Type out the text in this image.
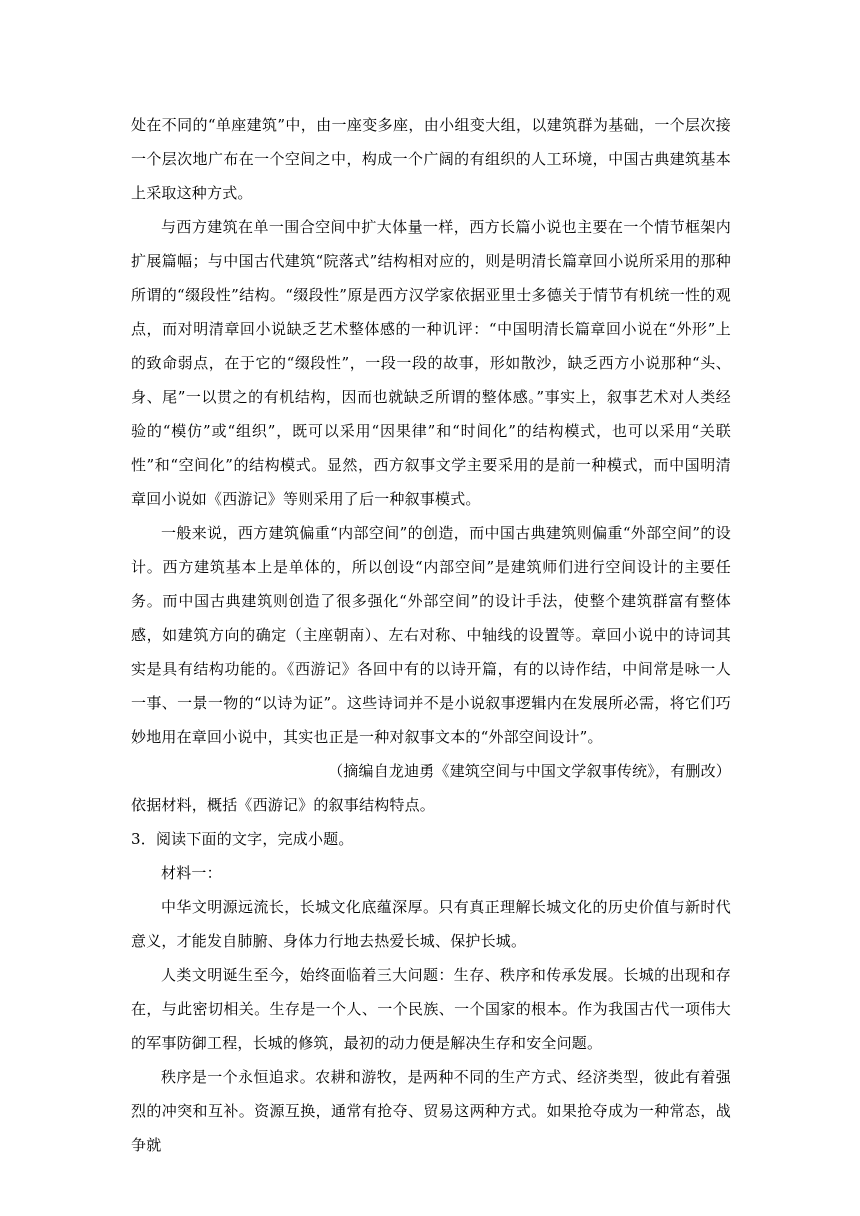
处在不同的“单座建筑”中，由一座变多座，由小组变大组，以建筑群为基础，一个层次接一个层次地广布在一个空间之中，构成一个广阔的有组织的人工环境，中国古典建筑基本上采取这种方式。

与西方建筑在单一围合空间中扩大体量一样，西方长篇小说也主要在一个情节框架内扩展篇幅；与中国古代建筑“院落式”结构相对应的，则是明清长篇章回小说所采用的那种所谓的“缀段性”结构。“缀段性”原是西方汉学家依据亚里士多德关于情节有机统一性的观点，而对明清章回小说缺乏艺术整体感的一种讥评：“中国明清长篇章回小说在“外形”上的致命弱点，在于它的“缀段性”，一段一段的故事，形如散沙，缺乏西方小说那种“头、身、尾”一以贯之的有机结构，因而也就缺乏所谓的整体感。”事实上，叙事艺术对人类经验的“模仿”或“组织”，既可以采用“因果律”和“时间化”的结构模式，也可以采用“关联性”和“空间化”的结构模式。显然，西方叙事文学主要采用的是前一种模式，而中国明清章回小说如《西游记》等则采用了后一种叙事模式。

一般来说，西方建筑偏重“内部空间”的创造，而中国古典建筑则偏重“外部空间”的设计。西方建筑基本上是单体的，所以创设“内部空间”是建筑师们进行空间设计的主要任务。而中国古典建筑则创造了很多强化“外部空间”的设计手法，使整个建筑群富有整体感，如建筑方向的确定（主座朝南）、左右对称、中轴线的设置等。章回小说中的诗词其实是具有结构功能的。《西游记》各回中有的以诗开篇，有的以诗作结，中间常是咏一人一事、一景一物的“以诗为证”。这些诗词并不是小说叙事逻辑内在发展所必需，将它们巧妙地用在章回小说中，其实也正是一种对叙事文本的“外部空间设计”。

（摘编自龙迪勇《建筑空间与中国文学叙事传统》，有删改）

依据材料，概括《西游记》的叙事结构特点。

3．阅读下面的文字，完成小题。

材料一：

中华文明源远流长，长城文化底蕴深厚。只有真正理解长城文化的历史价值与新时代意义，才能发自肺腑、身体力行地去热爱长城、保护长城。

人类文明诞生至今，始终面临着三大问题：生存、秩序和传承发展。长城的出现和存在，与此密切相关。生存是一个人、一个民族、一个国家的根本。作为我国古代一项伟大的军事防御工程，长城的修筑，最初的动力便是解决生存和安全问题。

秩序是一个永恒追求。农耕和游牧，是两种不同的生产方式、经济类型，彼此有着强烈的冲突和互补。资源互换，通常有抢夺、贸易这两种方式。如果抢夺成为一种常态，战争就
